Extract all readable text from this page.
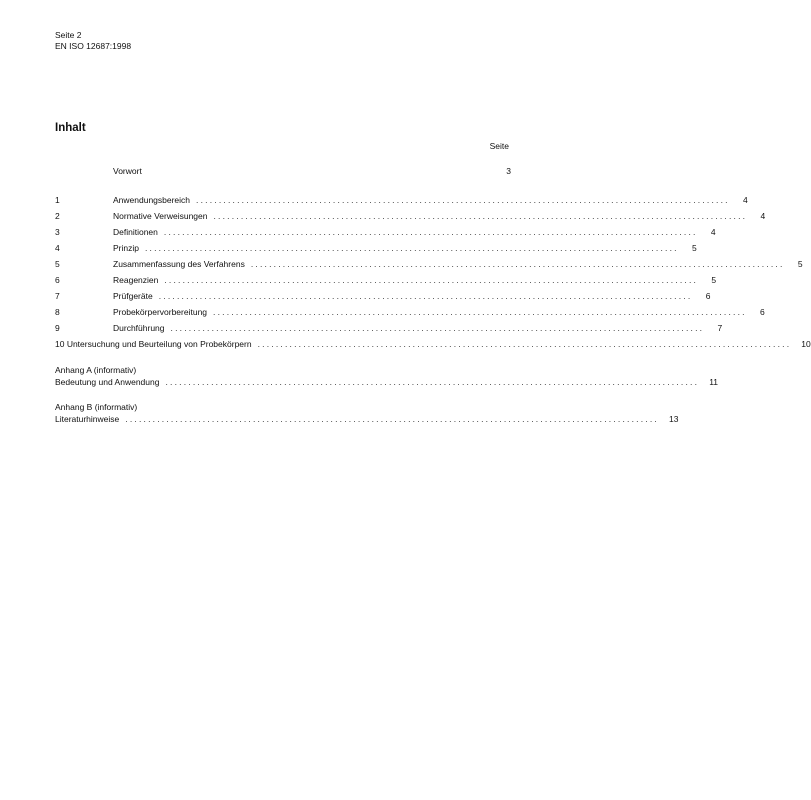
Seite 2
EN ISO 12687:1998
Inhalt
Seite
Vorwort	3
1	Anwendungsbereich .....................................................................................................................	4
2	Normative Verweisungen .....................................................................................................................	4
3	Definitionen .....................................................................................................................	4
4	Prinzip .....................................................................................................................	5
5	Zusammenfassung des Verfahrens .....................................................................................................................	5
6	Reagenzien .....................................................................................................................	5
7	Prüfgeräte .....................................................................................................................	6
8	Probekörpervorbereitung .....................................................................................................................	6
9	Durchführung .....................................................................................................................	7
10 Untersuchung und Beurteilung von Probekörpern ..................................................................................................................... 10
Anhang A (informativ)
Bedeutung und Anwendung ..................................................................................................................... 11
Anhang B (informativ)
Literaturhinweise ..................................................................................................................... 13
